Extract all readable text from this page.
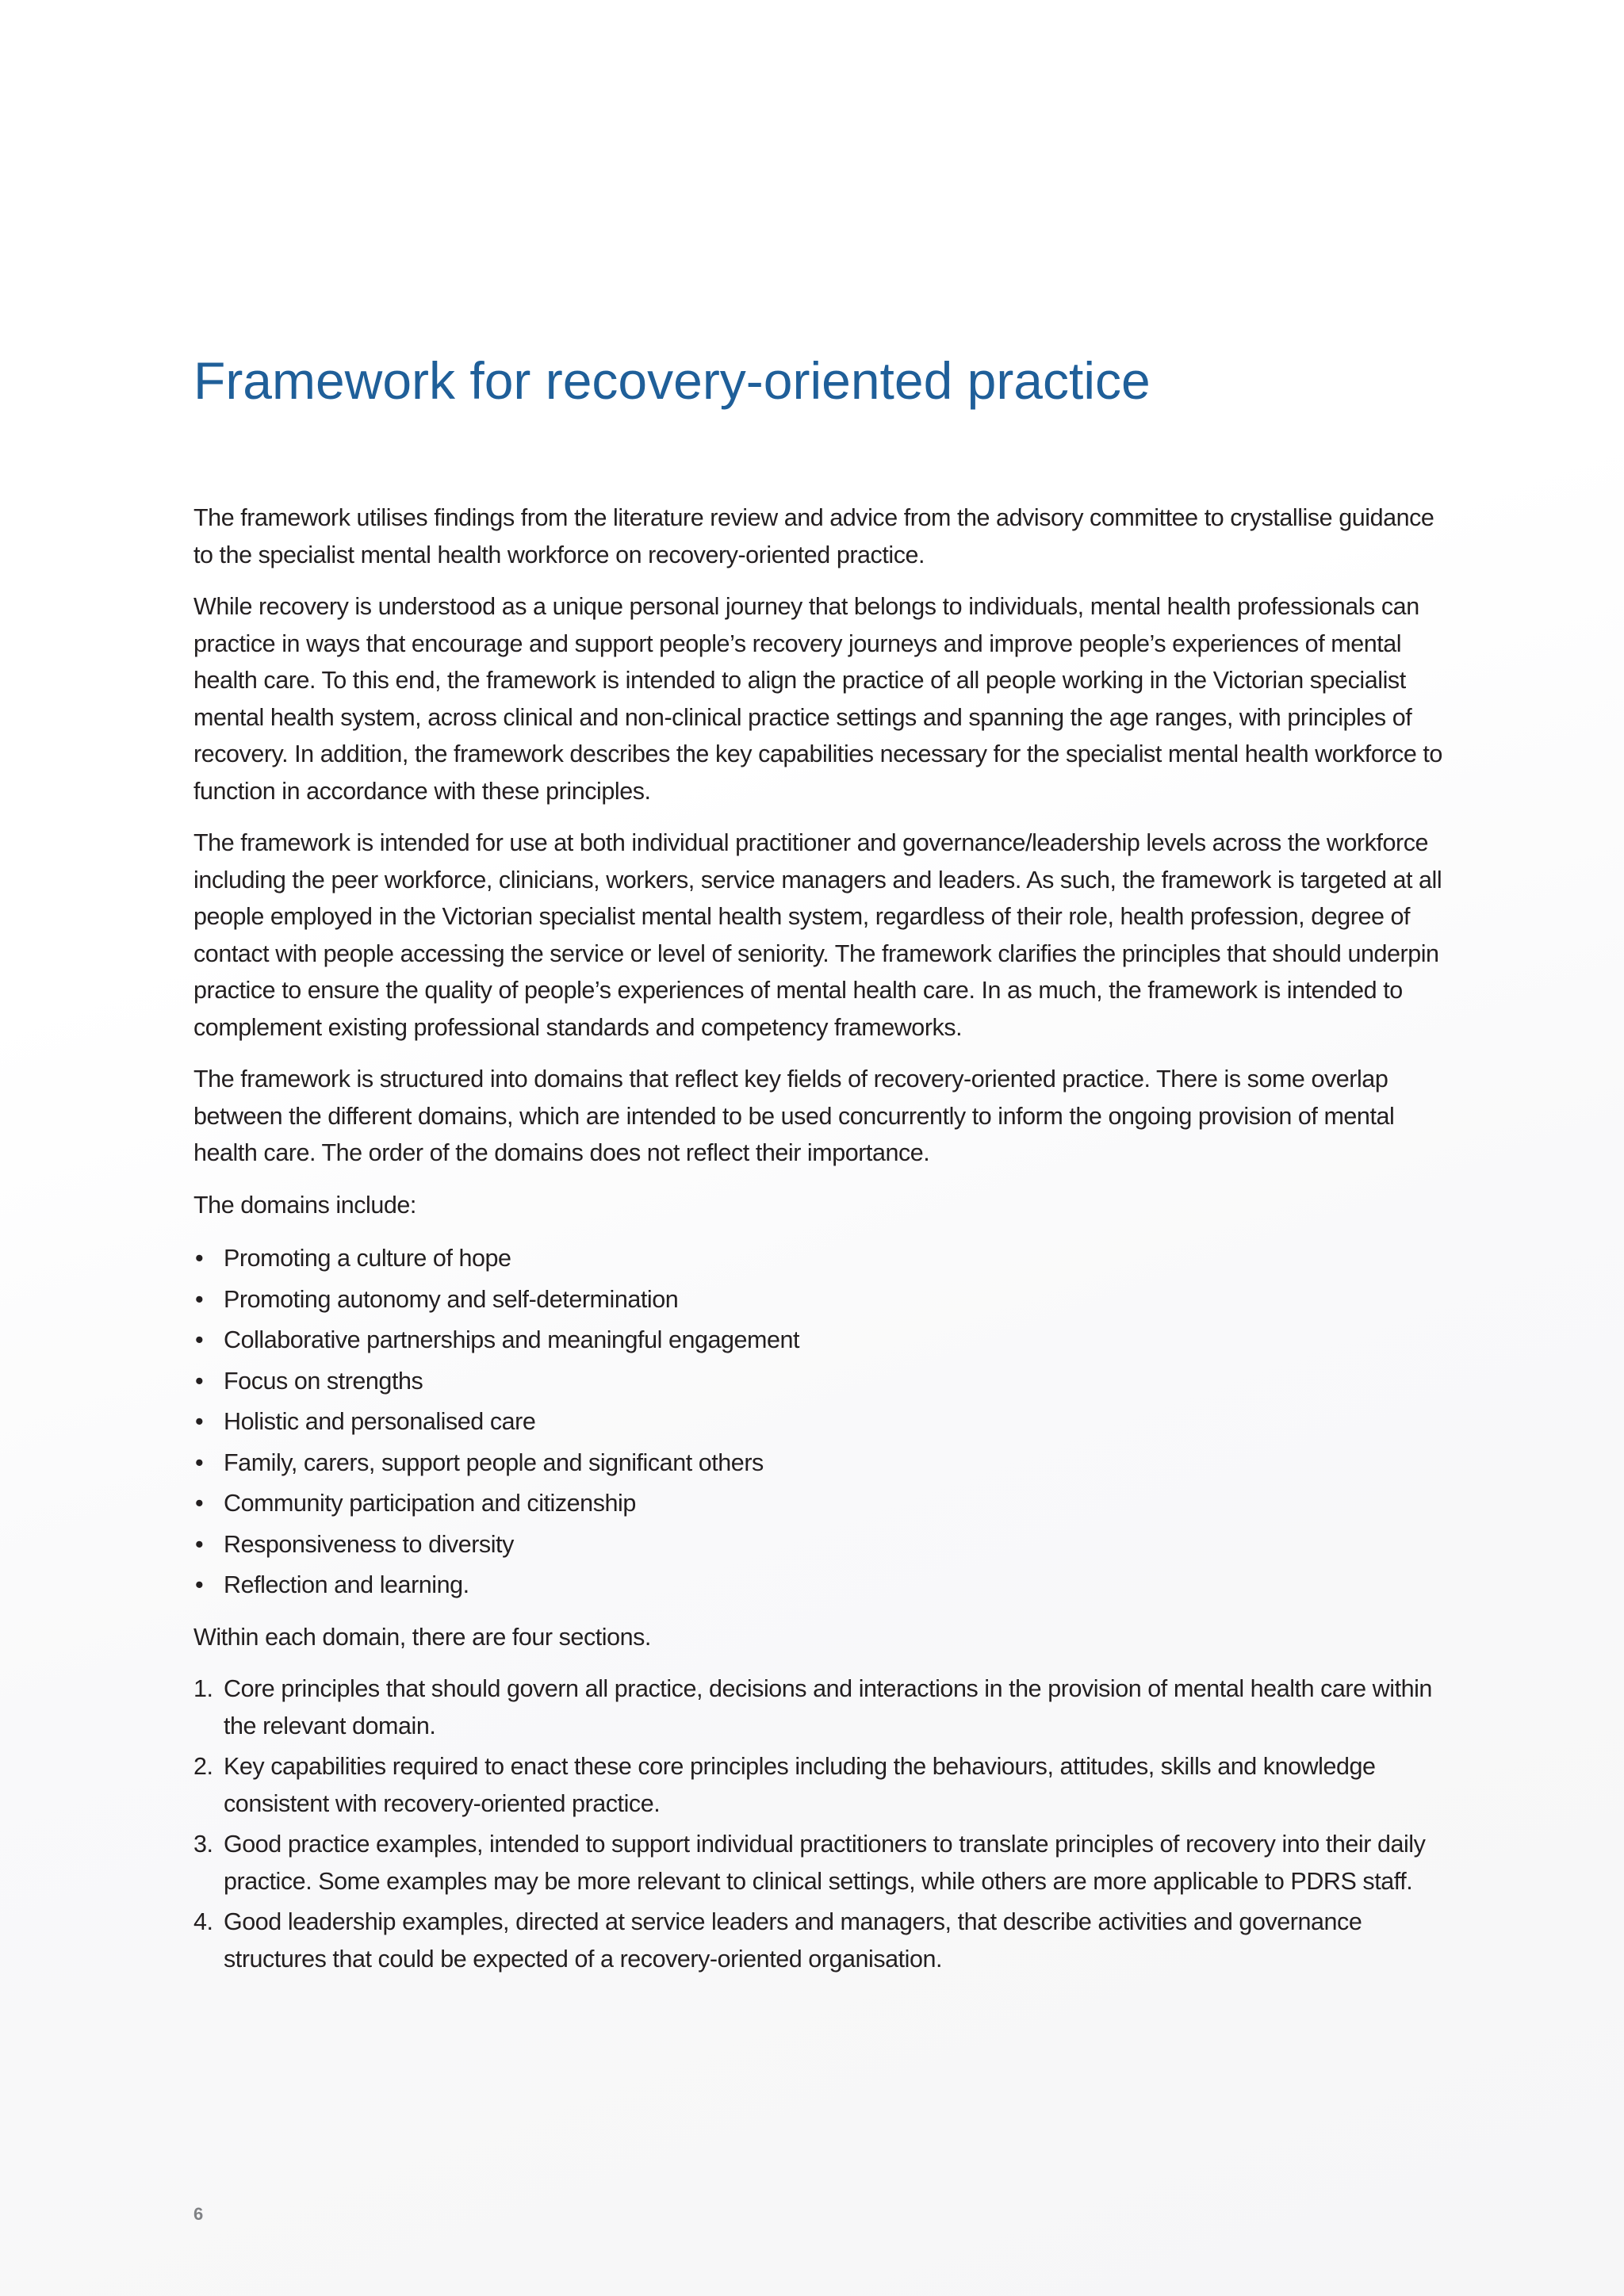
Framework for recovery-oriented practice

The framework utilises findings from the literature review and advice from the advisory committee to crystallise guidance to the specialist mental health workforce on recovery-oriented practice.

While recovery is understood as a unique personal journey that belongs to individuals, mental health professionals can practice in ways that encourage and support people’s recovery journeys and improve people’s experiences of mental health care. To this end, the framework is intended to align the practice of all people working in the Victorian specialist mental health system, across clinical and non-clinical practice settings and spanning the age ranges, with principles of recovery. In addition, the framework describes the key capabilities necessary for the specialist mental health workforce to function in accordance with these principles.

The framework is intended for use at both individual practitioner and governance/leadership levels across the workforce including the peer workforce, clinicians, workers, service managers and leaders. As such, the framework is targeted at all people employed in the Victorian specialist mental health system, regardless of their role, health profession, degree of contact with people accessing the service or level of seniority. The framework clarifies the principles that should underpin practice to ensure the quality of people’s experiences of mental health care. In as much, the framework is intended to complement existing professional standards and competency frameworks.

The framework is structured into domains that reflect key fields of recovery-oriented practice. There is some overlap between the different domains, which are intended to be used concurrently to inform the ongoing provision of mental health care. The order of the domains does not reflect their importance.

The domains include:

• Promoting a culture of hope
• Promoting autonomy and self-determination
• Collaborative partnerships and meaningful engagement
• Focus on strengths
• Holistic and personalised care
• Family, carers, support people and significant others
• Community participation and citizenship
• Responsiveness to diversity
• Reflection and learning.

Within each domain, there are four sections.

1. Core principles that should govern all practice, decisions and interactions in the provision of mental health care within the relevant domain.
2. Key capabilities required to enact these core principles including the behaviours, attitudes, skills and knowledge consistent with recovery-oriented practice.
3. Good practice examples, intended to support individual practitioners to translate principles of recovery into their daily practice. Some examples may be more relevant to clinical settings, while others are more applicable to PDRS staff.
4. Good leadership examples, directed at service leaders and managers, that describe activities and governance structures that could be expected of a recovery-oriented organisation.
6
